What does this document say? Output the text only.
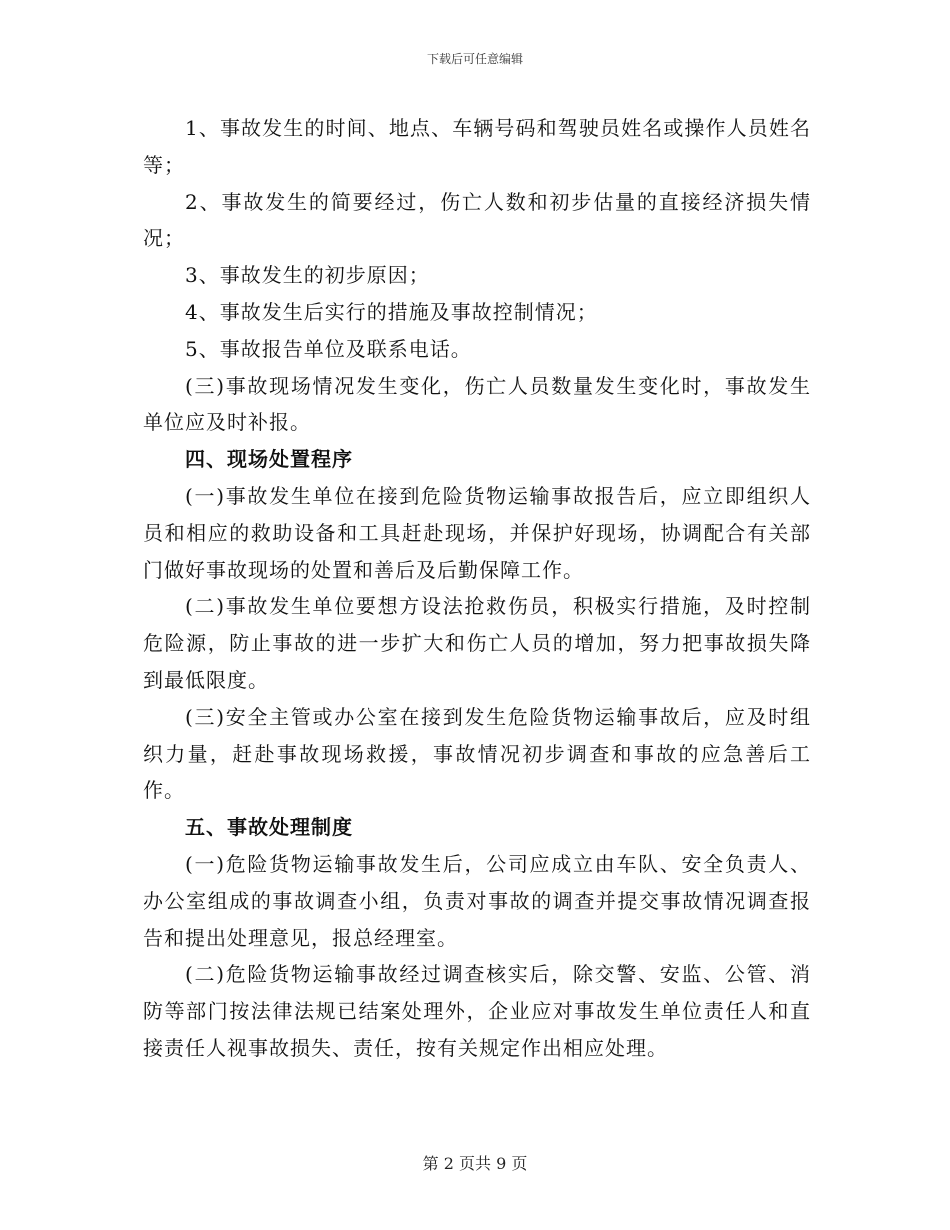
下载后可任意编辑

1、事故发生的时间、地点、车辆号码和驾驶员姓名或操作人员姓名等；

2、事故发生的简要经过，伤亡人数和初步估量的直接经济损失情况；

3、事故发生的初步原因；

4、事故发生后实行的措施及事故控制情况；

5、事故报告单位及联系电话。

(三)事故现场情况发生变化，伤亡人员数量发生变化时，事故发生单位应及时补报。

四、现场处置程序

(一)事故发生单位在接到危险货物运输事故报告后，应立即组织人员和相应的救助设备和工具赶赴现场，并保护好现场，协调配合有关部门做好事故现场的处置和善后及后勤保障工作。

(二)事故发生单位要想方设法抢救伤员，积极实行措施，及时控制危险源，防止事故的进一步扩大和伤亡人员的增加，努力把事故损失降到最低限度。

(三)安全主管或办公室在接到发生危险货物运输事故后，应及时组织力量，赶赴事故现场救援，事故情况初步调查和事故的应急善后工作。

五、事故处理制度

(一)危险货物运输事故发生后，公司应成立由车队、安全负责人、办公室组成的事故调查小组，负责对事故的调查并提交事故情况调查报告和提出处理意见，报总经理室。

(二)危险货物运输事故经过调查核实后，除交警、安监、公管、消防等部门按法律法规已结案处理外，企业应对事故发生单位责任人和直接责任人视事故损失、责任，按有关规定作出相应处理。

第 2 页共 9 页
